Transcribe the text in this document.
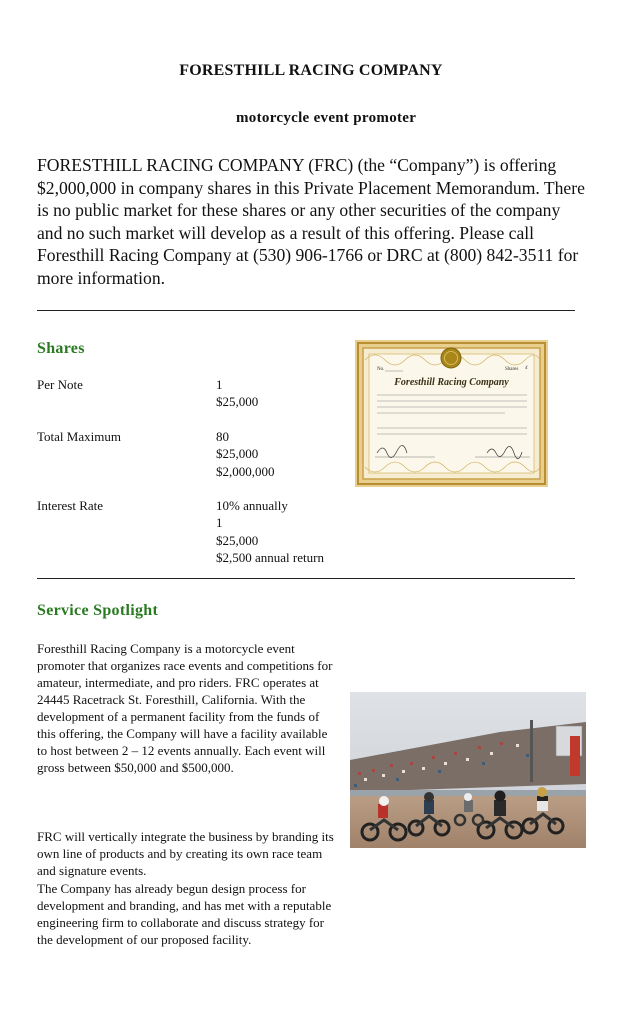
FORESTHILL RACING COMPANY
motorcycle event promoter

FORESTHILL RACING COMPANY (FRC) (the “Company”) is offering $2,000,000 in company shares in this Private Placement Memorandum. There is no public market for these shares or any other securities of the company and no such market will develop as a result of this offering. Please call Foresthill Racing Company at (530) 906-1766 or DRC at (800) 842-3511 for more information.

Shares
Per Note	1
$25,000
Total Maximum	80
$25,000
$2,000,000
Interest Rate	10% annually
1
$25,000
$2,500 annual return
No.	Shares 4
Foresthill Racing Company
Service Spotlight

Foresthill Racing Company is a motorcycle event promoter that organizes race events and competitions for amateur, intermediate, and pro riders. FRC operates at 24445 Racetrack St. Foresthill, California. With the development of a permanent facility from the funds of this offering, the Company will have a facility available to host between 2 – 12 events annually. Each event will gross between $50,000 and $500,000.

FRC will vertically integrate the business by branding its own line of products and by creating its own race team and signature events.

The Company has already begun design process for development and branding, and has met with a reputable engineering firm to collaborate and discuss strategy for the development of our proposed facility.
